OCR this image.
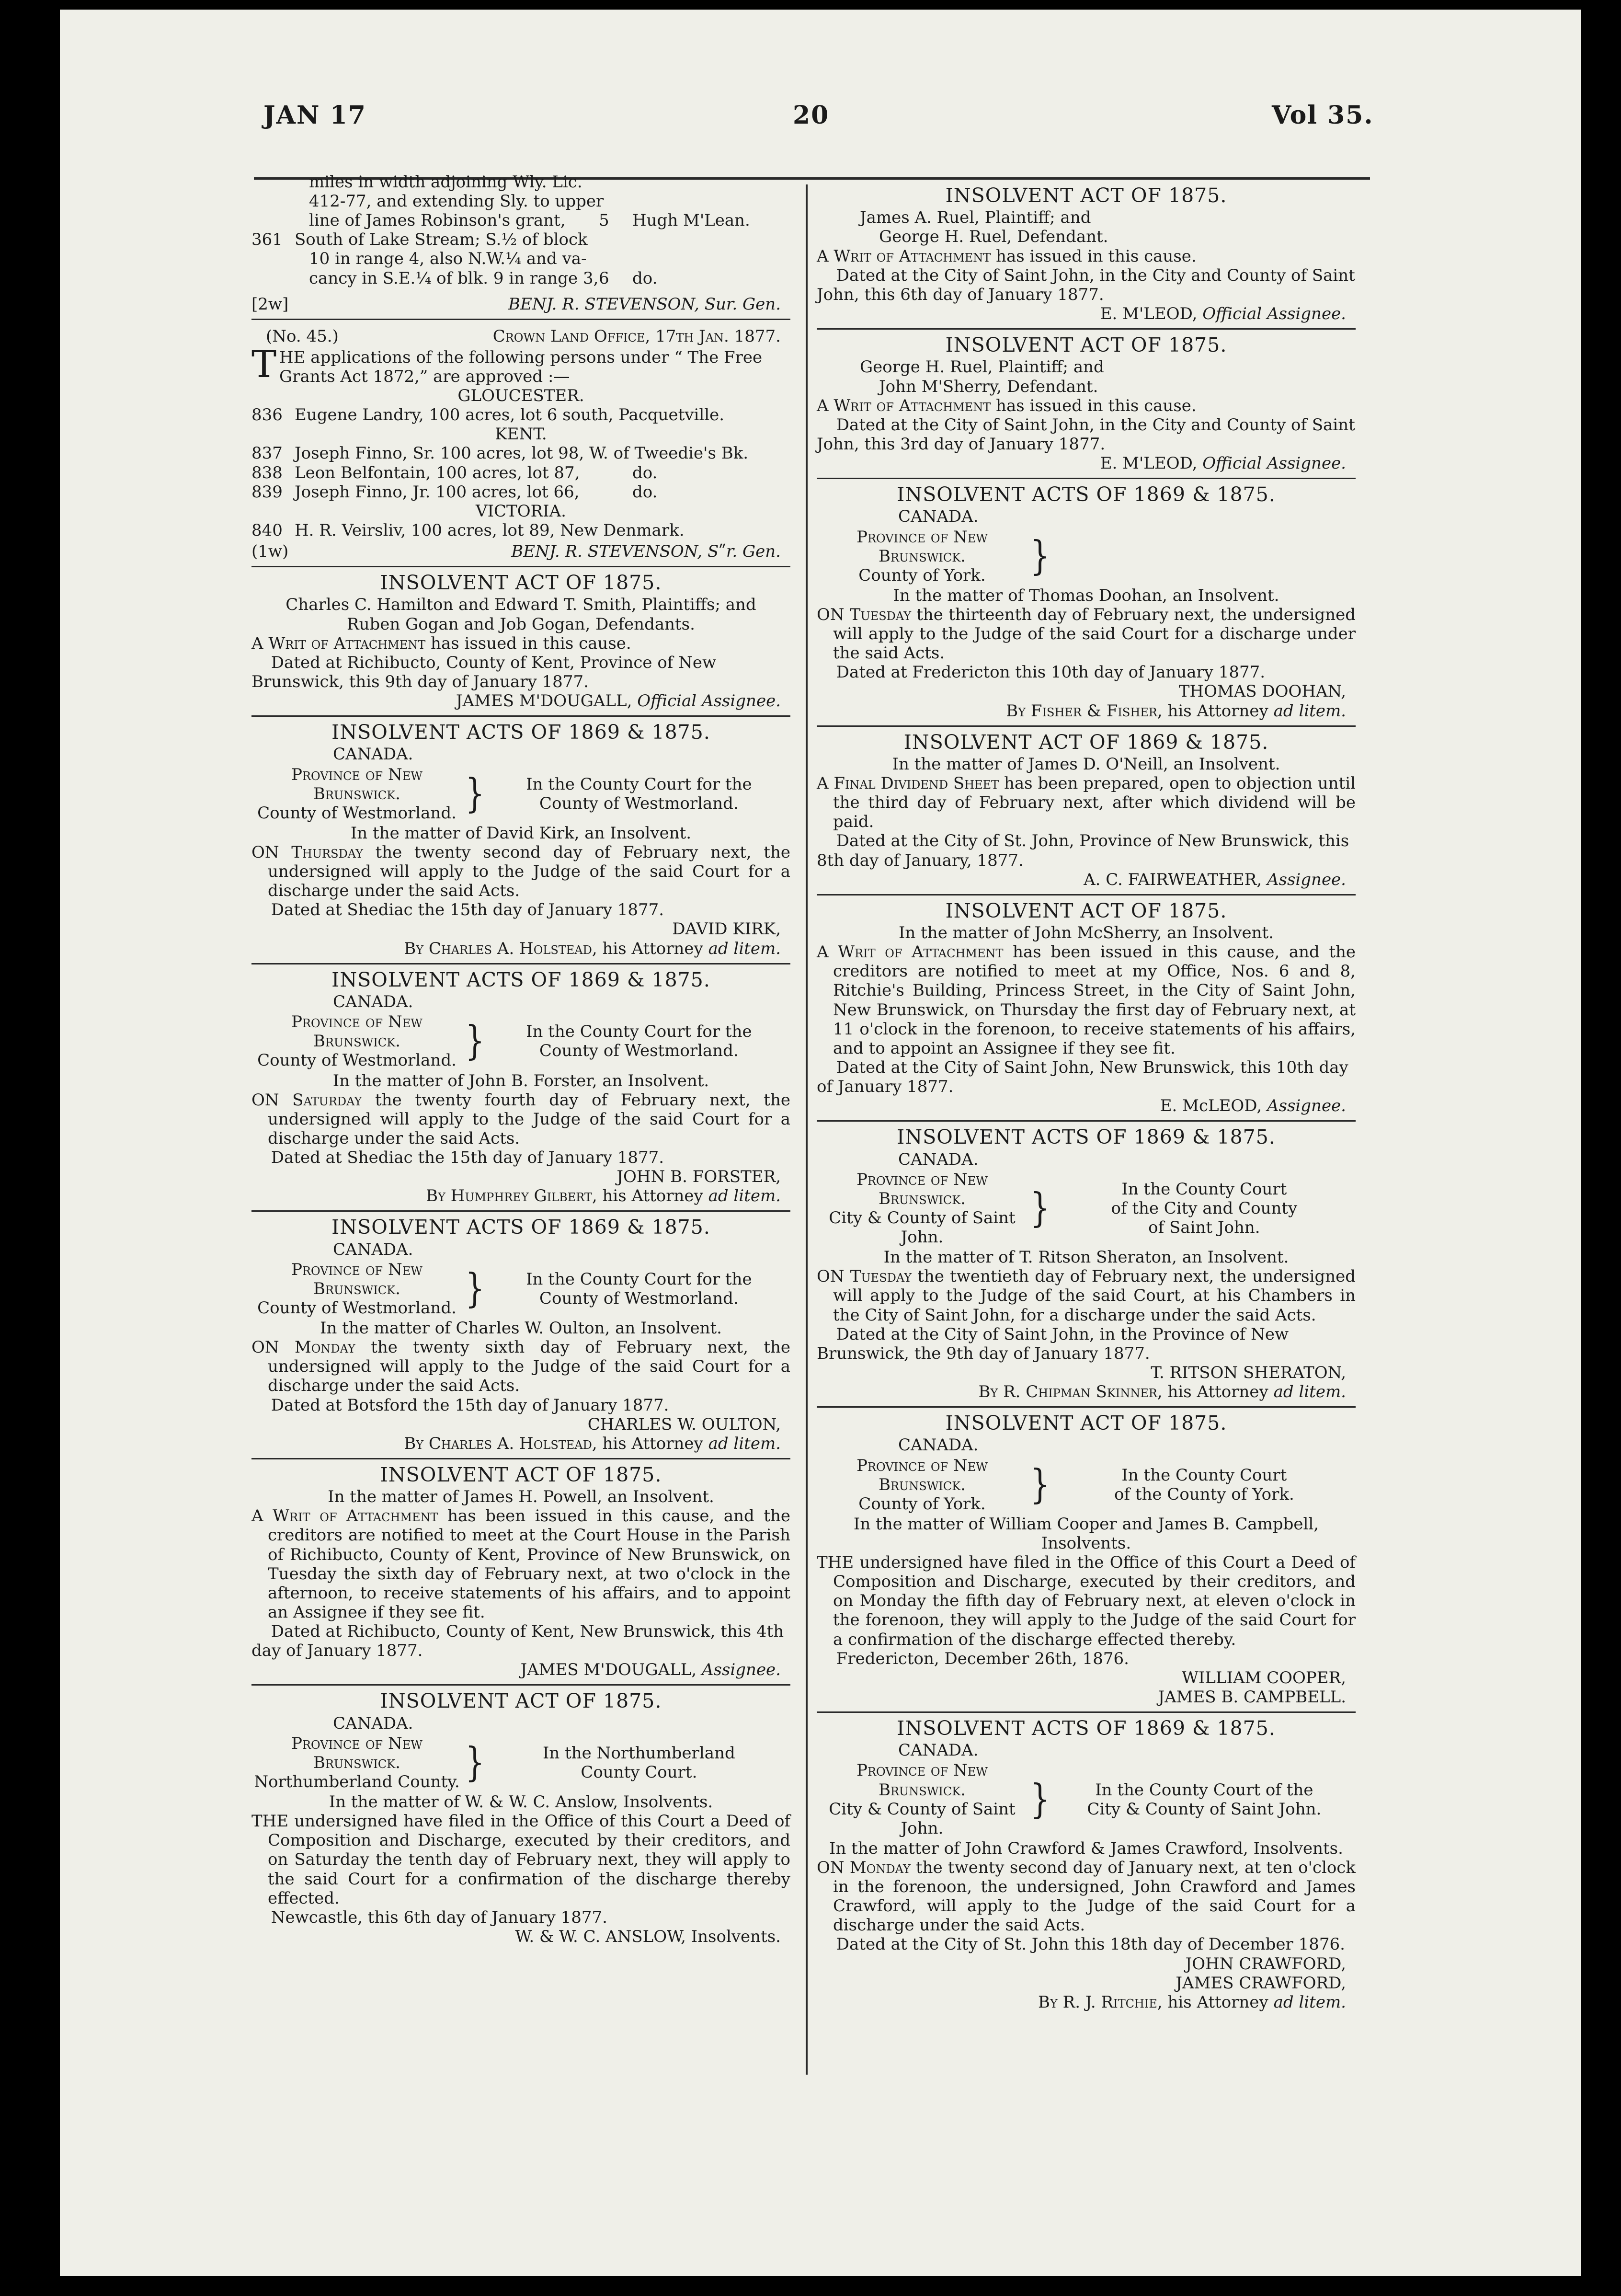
JAN 17	20	Vol 35.
miles in width adjoining Wly. Lic.
412-77, and extending Sly. to upper
line of James Robinson's grant,	5	Hugh M'Lean.
361 South of Lake Stream; S.½ of block
10 in range 4, also N.W.¼ and va-
cancy in S.E.¼ of blk. 9 in range 3, 6	do.
[2w]	BENJ. R. STEVENSON, Sur. Gen.
(No. 45.)	Crown Land Office, 17th Jan. 1877.

THE applications of the following persons under “ The Free Grants Act 1872,” are approved :—

GLOUCESTER.

836 Eugene Landry, 100 acres, lot 6 south, Pacquetville.

KENT.

837 Joseph Finno, Sr. 100 acres, lot 98, W. of Tweedie's Bk.
838 Leon Belfontain, 100 acres, lot 87,	do.
839 Joseph Finno, Jr. 100 acres, lot 66,	do.

VICTORIA.

840 H. R. Veirsliv, 100 acres, lot 89, New Denmark.
(1w)	BENJ. R. STEVENSON, Sʺr. Gen.

INSOLVENT ACT OF 1875.

Charles C. Hamilton and Edward T. Smith, Plaintiffs; and

Ruben Gogan and Job Gogan, Defendants.

A Writ of Attachment has issued in this cause.

Dated at Richibucto, County of Kent, Province of New Brunswick, this 9th day of January 1877.

JAMES M'DOUGALL, Official Assignee.

INSOLVENT ACTS OF 1869 & 1875.

CANADA.

Province of New Brunswick.
County of Westmorland. }	In the County Court for the
County of Westmorland.

In the matter of David Kirk, an Insolvent.

ON Thursday the twenty second day of February next, the undersigned will apply to the Judge of the said Court for a discharge under the said Acts.

Dated at Shediac the 15th day of January 1877.

DAVID KIRK,

By Charles A. Holstead, his Attorney ad litem.

INSOLVENT ACTS OF 1869 & 1875.

CANADA.

Province of New Brunswick.
County of Westmorland. }	In the County Court for the
County of Westmorland.

In the matter of John B. Forster, an Insolvent.

ON Saturday the twenty fourth day of February next, the undersigned will apply to the Judge of the said Court for a discharge under the said Acts.

Dated at Shediac the 15th day of January 1877.

JOHN B. FORSTER,

By Humphrey Gilbert, his Attorney ad litem.

INSOLVENT ACTS OF 1869 & 1875.

CANADA.

Province of New Brunswick.
County of Westmorland. }	In the County Court for the
County of Westmorland.

In the matter of Charles W. Oulton, an Insolvent.

ON Monday the twenty sixth day of February next, the undersigned will apply to the Judge of the said Court for a discharge under the said Acts.

Dated at Botsford the 15th day of January 1877.

CHARLES W. OULTON,

By Charles A. Holstead, his Attorney ad litem.

INSOLVENT ACT OF 1875.

In the matter of James H. Powell, an Insolvent.

A Writ of Attachment has been issued in this cause, and the creditors are notified to meet at the Court House in the Parish of Richibucto, County of Kent, Province of New Brunswick, on Tuesday the sixth day of February next, at two o'clock in the afternoon, to receive statements of his affairs, and to appoint an Assignee if they see fit.

Dated at Richibucto, County of Kent, New Brunswick, this 4th day of January 1877.

JAMES M'DOUGALL, Assignee.

INSOLVENT ACT OF 1875.

CANADA.

Province of New Brunswick.
Northumberland County. }	In the Northumberland
County Court.

In the matter of W. & W. C. Anslow, Insolvents.

THE undersigned have filed in the Office of this Court a Deed of Composition and Discharge, executed by their creditors, and on Saturday the tenth day of February next, they will apply to the said Court for a confirmation of the discharge thereby effected.

Newcastle, this 6th day of January 1877.

W. & W. C. ANSLOW, Insolvents.

INSOLVENT ACT OF 1875.

James A. Ruel, Plaintiff; and

George H. Ruel, Defendant.

A Writ of Attachment has issued in this cause.

Dated at the City of Saint John, in the City and County of Saint John, this 6th day of January 1877.

E. M'LEOD, Official Assignee.

INSOLVENT ACT OF 1875.

George H. Ruel, Plaintiff; and

John M'Sherry, Defendant.

A Writ of Attachment has issued in this cause.

Dated at the City of Saint John, in the City and County of Saint John, this 3rd day of January 1877.

E. M'LEOD, Official Assignee.

INSOLVENT ACTS OF 1869 & 1875.

CANADA.

Province of New Brunswick.
County of York.	}

In the matter of Thomas Doohan, an Insolvent.

ON Tuesday the thirteenth day of February next, the undersigned will apply to the Judge of the said Court for a discharge under the said Acts.

Dated at Fredericton this 10th day of January 1877.

THOMAS DOOHAN,

By Fisher & Fisher, his Attorney ad litem.

INSOLVENT ACT OF 1869 & 1875.

In the matter of James D. O'Neill, an Insolvent.

A Final Dividend Sheet has been prepared, open to objection until the third day of February next, after which dividend will be paid.

Dated at the City of St. John, Province of New Brunswick, this 8th day of January, 1877.

A. C. FAIRWEATHER, Assignee.

INSOLVENT ACT OF 1875.

In the matter of John McSherry, an Insolvent.

A Writ of Attachment has been issued in this cause, and the creditors are notified to meet at my Office, Nos. 6 and 8, Ritchie's Building, Princess Street, in the City of Saint John, New Brunswick, on Thursday the first day of February next, at 11 o'clock in the forenoon, to receive statements of his affairs, and to appoint an Assignee if they see fit.

Dated at the City of Saint John, New Brunswick, this 10th day of January 1877.

E. McLEOD, Assignee.

INSOLVENT ACTS OF 1869 & 1875.

CANADA.

Province of New Brunswick.
City & County of Saint John.
}	In the County Court
of the City and County
of Saint John.

In the matter of T. Ritson Sheraton, an Insolvent.

ON Tuesday the twentieth day of February next, the undersigned will apply to the Judge of the said Court, at his Chambers in the City of Saint John, for a discharge under the said Acts.

Dated at the City of Saint John, in the Province of New Brunswick, the 9th day of January 1877.

T. RITSON SHERATON,

By R. Chipman Skinner, his Attorney ad litem.

INSOLVENT ACT OF 1875.

CANADA.

Province of New Brunswick.
County of York.	}	In the County Court
of the County of York.

In the matter of William Cooper and James B. Campbell,

Insolvents.

THE undersigned have filed in the Office of this Court a Deed of Composition and Discharge, executed by their creditors, and on Monday the fifth day of February next, at eleven o'clock in the forenoon, they will apply to the Judge of the said Court for a confirmation of the discharge effected thereby.

Fredericton, December 26th, 1876.

WILLIAM COOPER,

JAMES B. CAMPBELL.

INSOLVENT ACTS OF 1869 & 1875.

CANADA.

Province of New Brunswick.
City & County of Saint John.
}	In the County Court of the
City & County of Saint John.

In the matter of John Crawford & James Crawford, Insolvents.

ON Monday the twenty second day of January next, at ten o'clock in the forenoon, the undersigned, John Crawford and James Crawford, will apply to the Judge of the said Court for a discharge under the said Acts.

Dated at the City of St. John this 18th day of December 1876.

JOHN CRAWFORD,

JAMES CRAWFORD,

By R. J. Ritchie, his Attorney ad litem.
